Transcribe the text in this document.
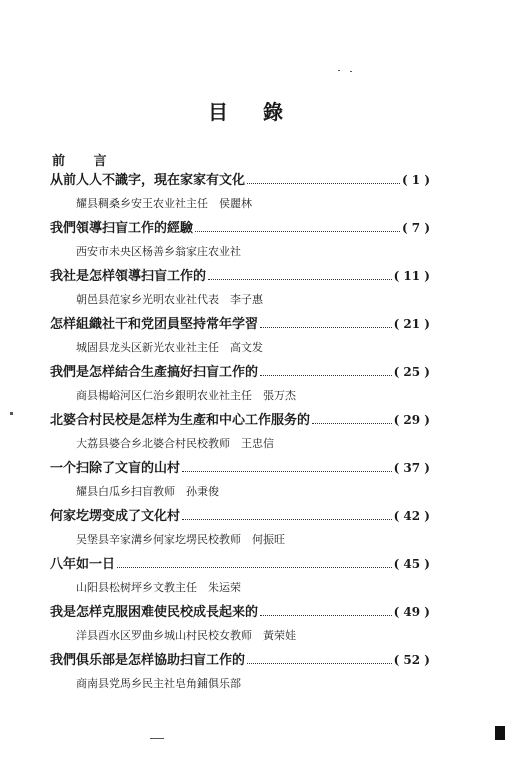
目 錄
前 言
从前人人不識字，現在家家有文化	( 1 )
耀县稠桑乡安王农业社主任　侯麗林
我們領導扫盲工作的經驗	( 7 )
西安市未央区杨善乡翁家庄农业社
我社是怎样領導扫盲工作的	( 11 )
朝邑县范家乡光明农业社代表　李子惠
怎样組織社干和党团員堅持常年学習	( 21 )
城固县龙头区新光农业社主任　高文发
我們是怎样結合生產搞好扫盲工作的	( 25 )
商县楊峪河区仁治乡銀明农业社主任　張万杰
北婆合村民校是怎样为生產和中心工作服务的	( 29 )
大荔县婆合乡北婆合村民校教师　王忠信
一个扫除了文盲的山村	( 37 )
耀县白瓜乡扫盲教师　孙秉俊
何家圪塄变成了文化村	( 42 )
吴堡县辛家溝乡何家圪塄民校教师　何振旺
八年如一日	( 45 )
山阳县松树坪乡文教主任　朱运荣
我是怎样克服困难使民校成長起来的	( 49 )
洋县酉水区罗曲乡城山村民校女教师　黃荣娃
我們俱乐部是怎样協助扫盲工作的	( 52 )
商南县党馬乡民主社皂角鋪俱乐部
